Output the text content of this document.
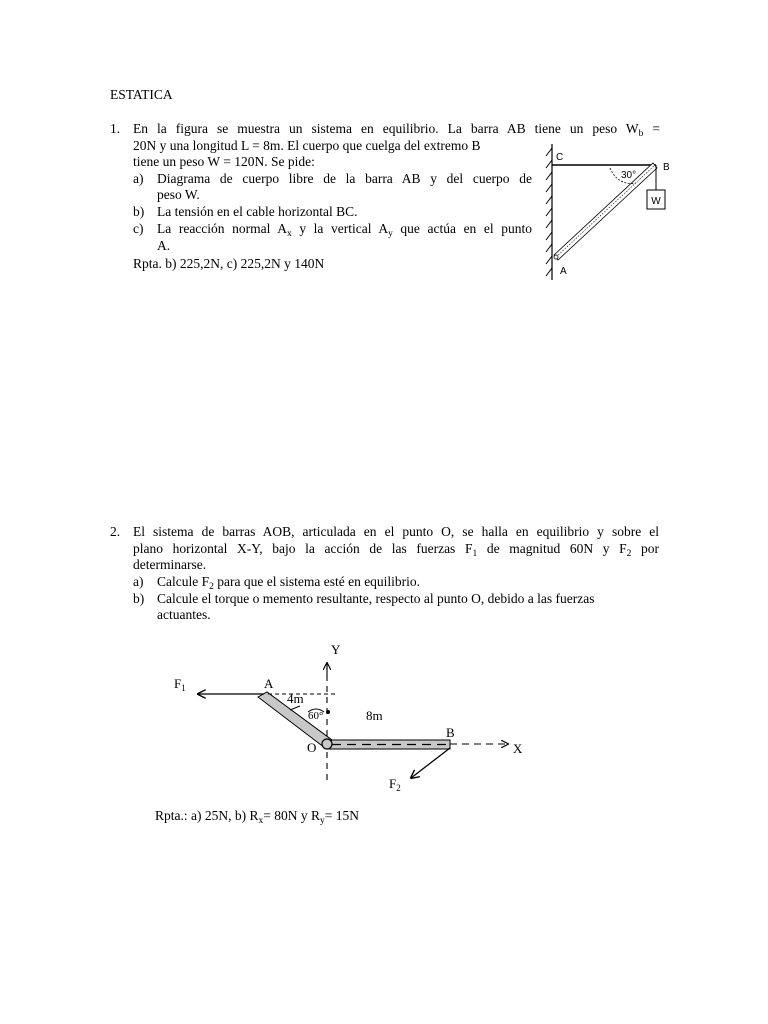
ESTATICA
1. En la figura se muestra un sistema en equilibrio. La barra AB tiene un peso $W_b$ =
20N y una longitud L = 8m. El cuerpo que cuelga del extremo B
tiene un peso W = 120N. Se pide:
a) Diagrama de cuerpo libre de la barra AB y del cuerpo de
peso W.
b) La tensión en el cable horizontal BC.
c) La reacción normal $A_x$ y la vertical $A_y$ que actúa en el punto
A.
Rpta. b) 225,2N, c) 225,2N y 140N
W
C
B
A
30°
2. El sistema de barras AOB, articulada en el punto O, se halla en equilibrio y sobre el
plano horizontal X-Y, bajo la acción de las fuerzas $F_1$ de magnitud 60N y $F_2$ por
determinarse.
a) Calcule $F_2$ para que el sistema esté en equilibrio.
b) Calcule el torque o memento resultante, respecto al punto O, debido a las fuerzas
actuantes.
Rpta.: a) 25N, b) $R_x= 80N$ y $R_y= 15N$
Y
X
$F_1$
$F_2$
A
B
O
4m
8m
60°
